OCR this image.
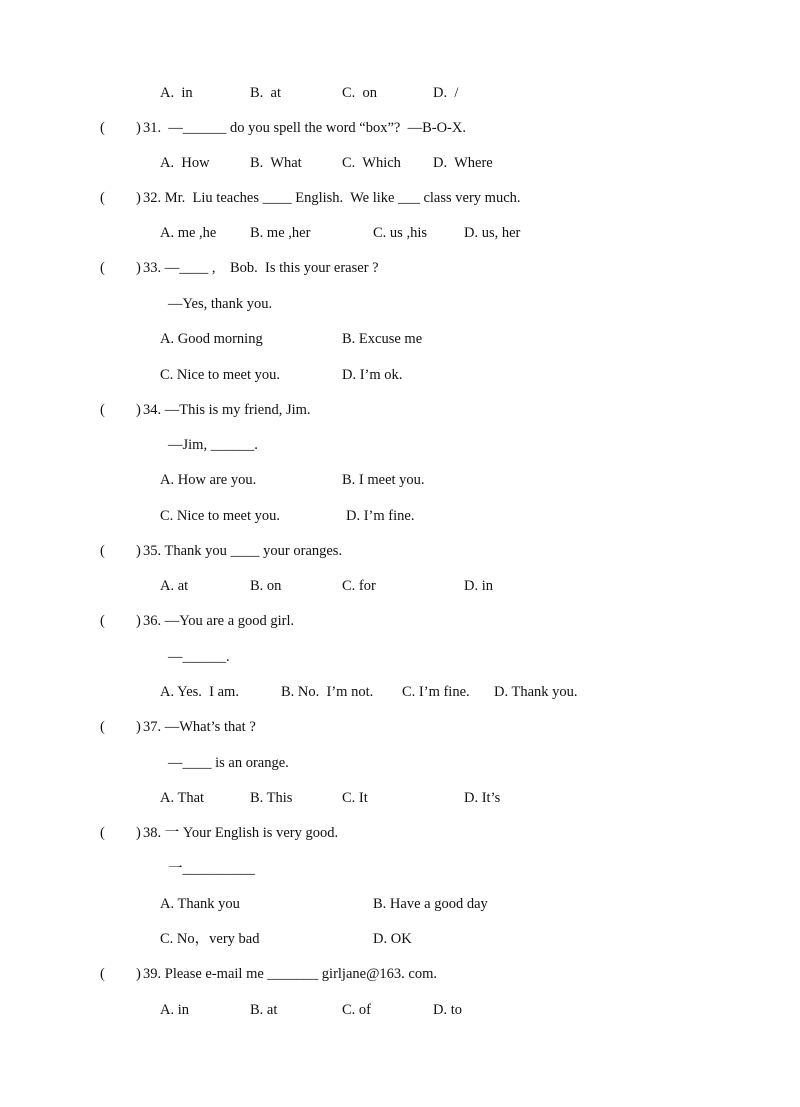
A.  in	B.  at	C.  on	D.  /
( ) 31.  —______ do you spell the word “box”?  —B-O-X.
A.  How	B.  What	C.  Which D.  Where
( ) 32. Mr.  Liu teaches ____ English.  We like ___ class very much.
A. me ,he B. me ,her	C. us ,his	D. us, her
( ) 33. —____ ,    Bob.  Is this your eraser ?
—Yes, thank you.
A. Good morning	B. Excuse me
C. Nice to meet you.	D. I’m ok.
( ) 34. —This is my friend, Jim.
—Jim, ______.
A. How are you.	B. I meet you.
C. Nice to meet you.	D. I’m fine.
( ) 35. Thank you ____ your oranges.
A. at	B. on	C. for	D. in
( ) 36. —You are a good girl.
—______.
A. Yes.  I am.	B. No.  I’m not. C. I’m fine. D. Thank you.
( ) 37. —What’s that ?
—____ is an orange.
A. That	B. This	C. It	D. It’s
( ) 38. 一 Your English is very good.
一__________
A. Thank you	B. Have a good day
C. No，very bad	D. OK
( ) 39. Please e-mail me _______ girljane@163. com.
A. in	B. at	C. of	D. to
